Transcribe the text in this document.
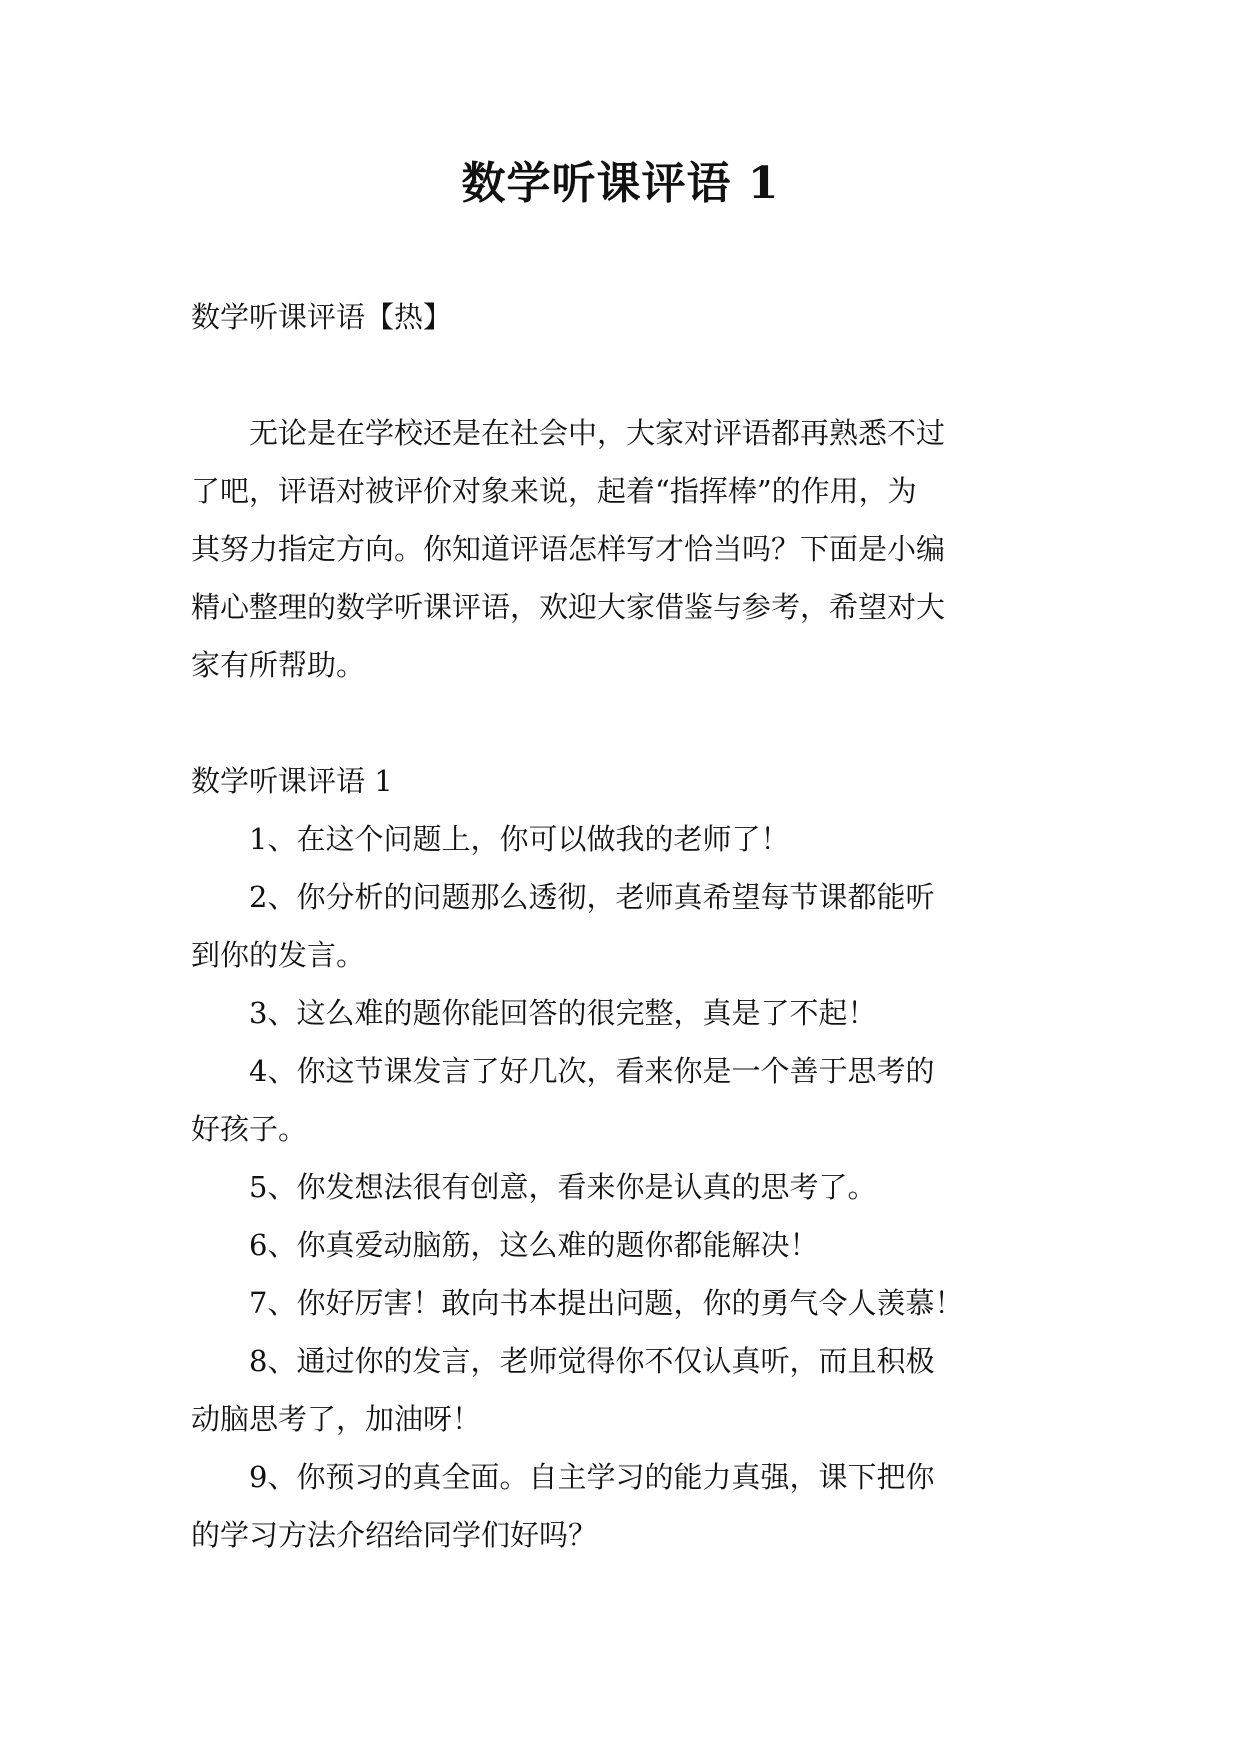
数学听课评语 1
数学听课评语【热】
无论是在学校还是在社会中，大家对评语都再熟悉不过
了吧，评语对被评价对象来说，起着“指挥棒”的作用，为
其努力指定方向。你知道评语怎样写才恰当吗？下面是小编
精心整理的数学听课评语，欢迎大家借鉴与参考，希望对大
家有所帮助。
数学听课评语 1
1、在这个问题上，你可以做我的老师了！
2、你分析的问题那么透彻，老师真希望每节课都能听
到你的发言。
3、这么难的题你能回答的很完整，真是了不起！
4、你这节课发言了好几次，看来你是一个善于思考的
好孩子。
5、你发想法很有创意，看来你是认真的思考了。
6、你真爱动脑筋，这么难的题你都能解决！
7、你好厉害！敢向书本提出问题，你的勇气令人羡慕！
8、通过你的发言，老师觉得你不仅认真听，而且积极
动脑思考了，加油呀！
9、你预习的真全面。自主学习的能力真强，课下把你
的学习方法介绍给同学们好吗？
